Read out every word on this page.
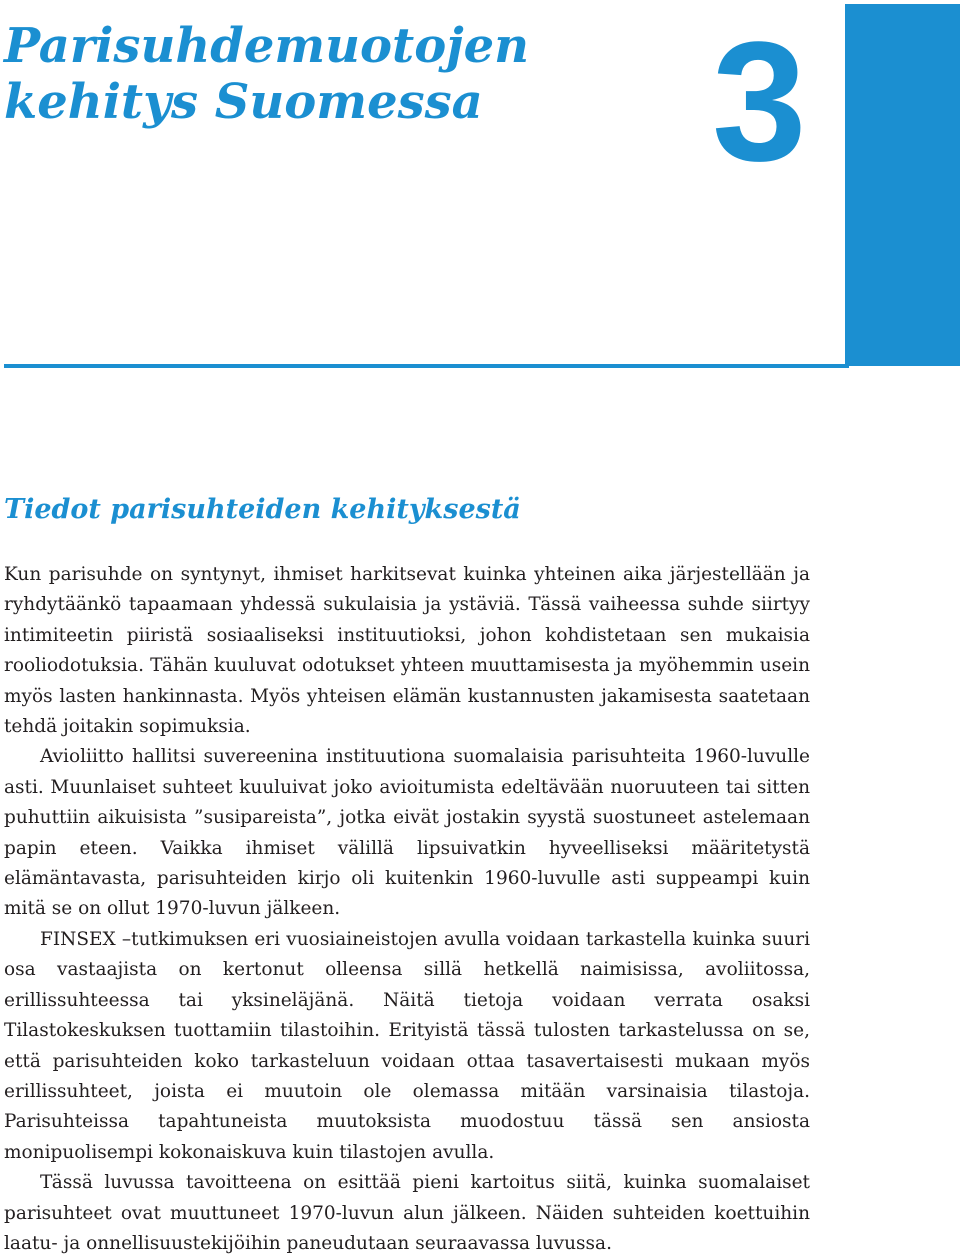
Parisuhdemuotojen
kehitys Suomessa	3
Tiedot parisuhteiden kehityksestä

Kun parisuhde on syntynyt, ihmiset harkitsevat kuinka yhteinen aika järjestellään ja ryhdytäänkö tapaamaan yhdessä sukulaisia ja ystäviä. Tässä vaiheessa suhde siirtyy intimiteetin piiristä sosiaaliseksi instituutioksi, johon kohdistetaan sen mukaisia rooliodotuksia. Tähän kuuluvat odotukset yhteen muuttamisesta ja myöhemmin usein myös lasten hankinnasta. Myös yhteisen elämän kustannusten jakamisesta saatetaan tehdä joitakin sopimuksia.

Avioliitto hallitsi suvereenina instituutiona suomalaisia parisuhteita 1960-luvulle asti. Muunlaiset suhteet kuuluivat joko avioitumista edeltävään nuoruuteen tai sitten puhuttiin aikuisista ”susipareista”, jotka eivät jostakin syystä suostuneet astelemaan papin eteen. Vaikka ihmiset välillä lipsuivatkin hyveelliseksi määritetystä elämäntavasta, parisuhteiden kirjo oli kuitenkin 1960-luvulle asti suppeampi kuin mitä se on ollut 1970-luvun jälkeen.

FINSEX –tutkimuksen eri vuosiaineistojen avulla voidaan tarkastella kuinka suuri osa vastaajista on kertonut olleensa sillä hetkellä naimisissa, avoliitossa, erillissuhteessa tai yksineläjänä. Näitä tietoja voidaan verrata osaksi Tilastokeskuksen tuottamiin tilastoihin. Erityistä tässä tulosten tarkastelussa on se, että parisuhteiden koko tarkasteluun voidaan ottaa tasavertaisesti mukaan myös erillissuhteet, joista ei muutoin ole olemassa mitään varsinaisia tilastoja. Parisuhteissa tapahtuneista muutoksista muodostuu tässä sen ansiosta monipuolisempi kokonaiskuva kuin tilastojen avulla.

Tässä luvussa tavoitteena on esittää pieni kartoitus siitä, kuinka suomalaiset parisuhteet ovat muuttuneet 1970-luvun alun jälkeen. Näiden suhteiden koettuihin laatu- ja onnellisuustekijöihin paneudutaan seuraavassa luvussa.
